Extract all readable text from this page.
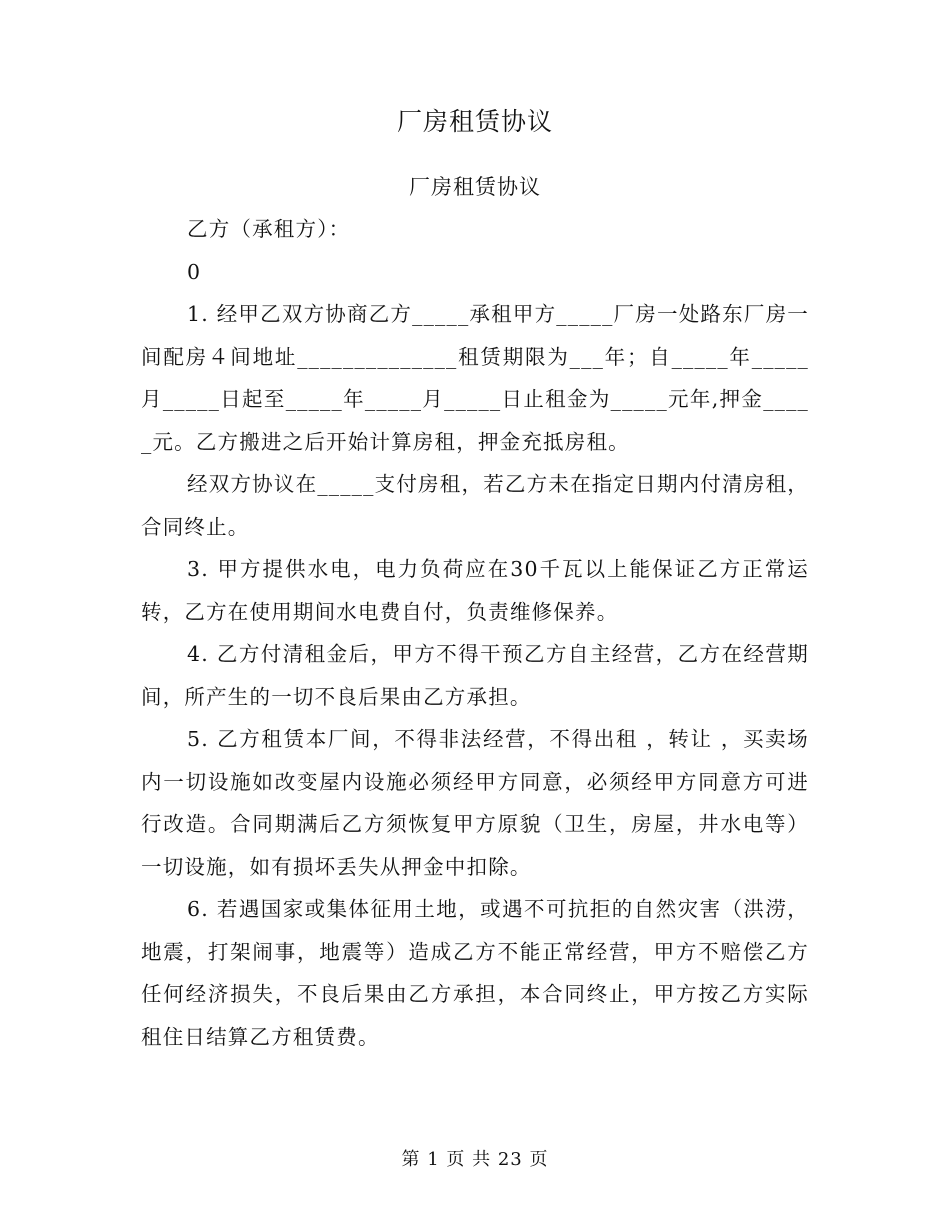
厂房租赁协议
厂房租赁协议

乙方（承租方）：

0

1. 经甲乙双方协商乙方_____承租甲方_____厂房一处路东厂房一间配房４间地址______________租赁期限为___年；自_____年_____月_____日起至_____年_____月_____日止租金为_____元年,押金_____元。乙方搬进之后开始计算房租，押金充抵房租。

经双方协议在_____支付房租，若乙方未在指定日期内付清房租，合同终止。

3. 甲方提供水电，电力负荷应在30千瓦以上能保证乙方正常运转，乙方在使用期间水电费自付，负责维修保养。

4. 乙方付清租金后，甲方不得干预乙方自主经营，乙方在经营期间，所产生的一切不良后果由乙方承担。

5. 乙方租赁本厂间，不得非法经营，不得出租 ，转让 ，买卖场内一切设施如改变屋内设施必须经甲方同意，必须经甲方同意方可进行改造。合同期满后乙方须恢复甲方原貌（卫生，房屋，井水电等）一切设施，如有损坏丢失从押金中扣除。

6. 若遇国家或集体征用土地，或遇不可抗拒的自然灾害（洪涝，地震，打架闹事，地震等）造成乙方不能正常经营，甲方不赔偿乙方任何经济损失，不良后果由乙方承担，本合同终止，甲方按乙方实际租住日结算乙方租赁费。

第 1 页 共 23 页
